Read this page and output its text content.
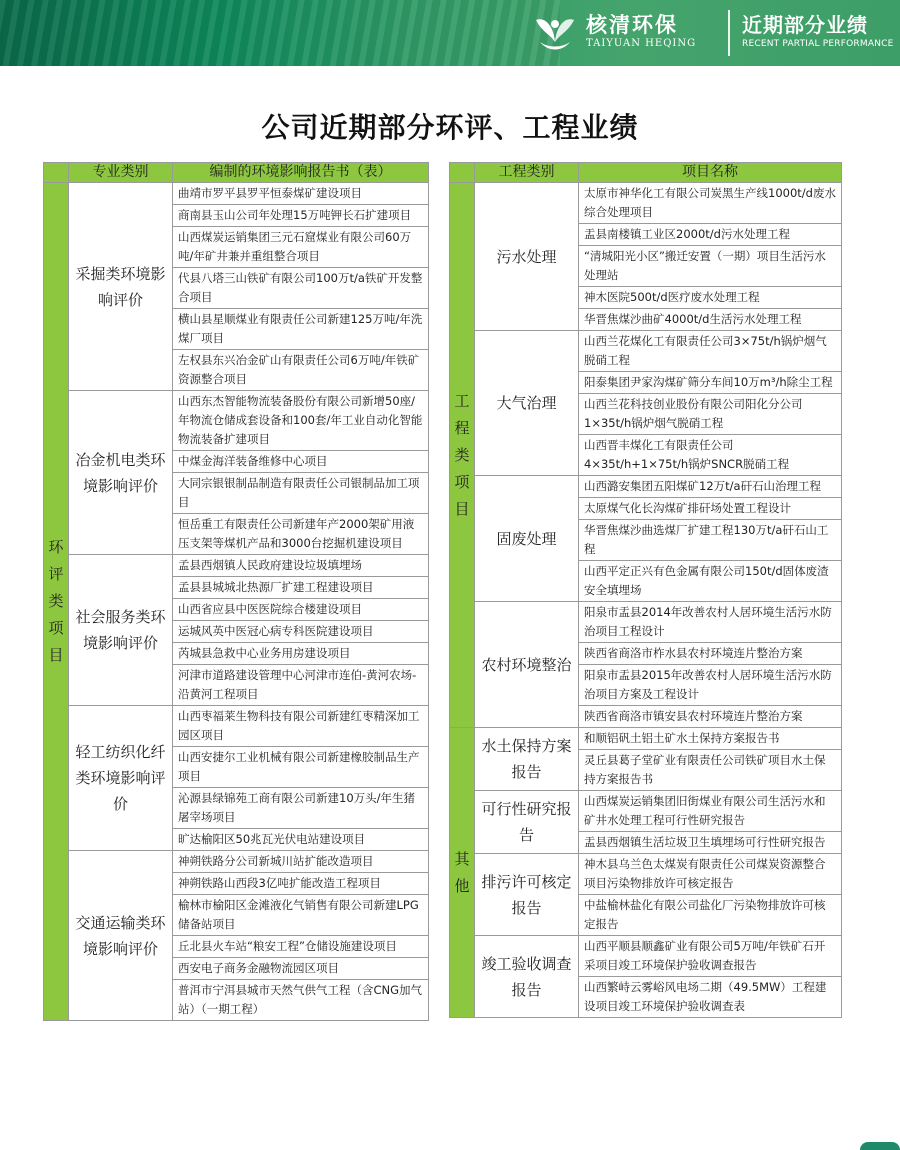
核清环保
TAIYUAN HEQING
近期部分业绩
RECENT PARTIAL PERFORMANCE
公司近期部分环评、工程业绩
	专业类别	编制的环境影响报告书（表）

环
评
类
项
目	采掘类环境影响评价	曲靖市罗平县罗平恒泰煤矿建设项目
		商南县玉山公司年处理15万吨钾长石扩建项目
		山西煤炭运销集团三元石窟煤业有限公司60万吨/年矿井兼并重组整合项目
		代县八塔三山铁矿有限公司100万t/a铁矿开发整合项目
		横山县星顺煤业有限责任公司新建125万吨/年洗煤厂项目
		左权县东兴冶金矿山有限责任公司6万吨/年铁矿资源整合项目
	冶金机电类环境影响评价	山西东杰智能物流装备股份有限公司新增50座/年物流仓储成套设备和100套/年工业自动化智能物流装备扩建项目
		中煤金海洋装备维修中心项目
		大同宗银银制品制造有限责任公司银制品加工项目
		恒岳重工有限责任公司新建年产2000架矿用液压支架等煤机产品和3000台挖掘机建设项目
	社会服务类环境影响评价	孟县西烟镇人民政府建设垃圾填埋场
		孟县县城城北热源厂扩建工程建设项目
		山西省应县中医医院综合楼建设项目
		运城风英中医冠心病专科医院建设项目
		芮城县急救中心业务用房建设项目
		河津市道路建设管理中心河津市连伯-黄河农场-沿黄河工程项目
	轻工纺织化纤类环境影响评价	山西枣福莱生物科技有限公司新建红枣精深加工园区项目
		山西安捷尔工业机械有限公司新建橡胶制品生产项目
		沁源县绿锦苑工商有限公司新建10万头/年生猪屠宰场项目
		旷达榆阳区50兆瓦光伏电站建设项目
	交通运输类环境影响评价	神朔铁路分公司新城川站扩能改造项目
		神朔铁路山西段3亿吨扩能改造工程项目
		榆林市榆阳区金滩液化气销售有限公司新建LPG储备站项目
		丘北县火车站“粮安工程”仓储设施建设项目
		西安电子商务金融物流园区项目
		普洱市宁洱县城市天然气供气工程（含CNG加气站）（一期工程）
	工程类别	项目名称

工
程
类
项
目	污水处理	太原市神华化工有限公司炭黑生产线1000t/d废水综合处理项目
		盂县南楼镇工业区2000t/d污水处理工程
		“清城阳光小区”搬迁安置（一期）项目生活污水处理站
		神木医院500t/d医疗废水处理工程
		华晋焦煤沙曲矿4000t/d生活污水处理工程
	大气治理	山西兰花煤化工有限责任公司3×75t/h锅炉烟气脱硝工程
		阳泰集团尹家沟煤矿筛分车间10万m³/h除尘工程
		山西兰花科技创业股份有限公司阳化分公司1×35t/h锅炉烟气脱硝工程
		山西晋丰煤化工有限责任公司4×35t/h+1×75t/h锅炉SNCR脱硝工程
	固废处理	山西潞安集团五阳煤矿12万t/a矸石山治理工程
		太原煤气化长沟煤矿排矸场处置工程设计
		华晋焦煤沙曲选煤厂扩建工程130万t/a矸石山工程
		山西平定正兴有色金属有限公司150t/d固体废渣安全填埋场
	农村环境整治	阳泉市盂县2014年改善农村人居环境生活污水防治项目工程设计
		陕西省商洛市柞水县农村环境连片整治方案
		阳泉市盂县2015年改善农村人居环境生活污水防治项目方案及工程设计
		陕西省商洛市镇安县农村环境连片整治方案

其
他	水土保持方案报告	和顺铝矾土铝土矿水土保持方案报告书
		灵丘县葛子堂矿业有限责任公司铁矿项目水土保持方案报告书
	可行性研究报告	山西煤炭运销集团旧街煤业有限公司生活污水和矿井水处理工程可行性研究报告
		盂县西烟镇生活垃圾卫生填埋场可行性研究报告
	排污许可核定报告	神木县乌兰色太煤炭有限责任公司煤炭资源整合项目污染物排放许可核定报告
		中盐榆林盐化有限公司盐化厂污染物排放许可核定报告
	竣工验收调查报告	山西平顺县顺鑫矿业有限公司5万吨/年铁矿石开采项目竣工环境保护验收调查报告
		山西繁峙云雾峪风电场二期（49.5MW）工程建设项目竣工环境保护验收调查表
